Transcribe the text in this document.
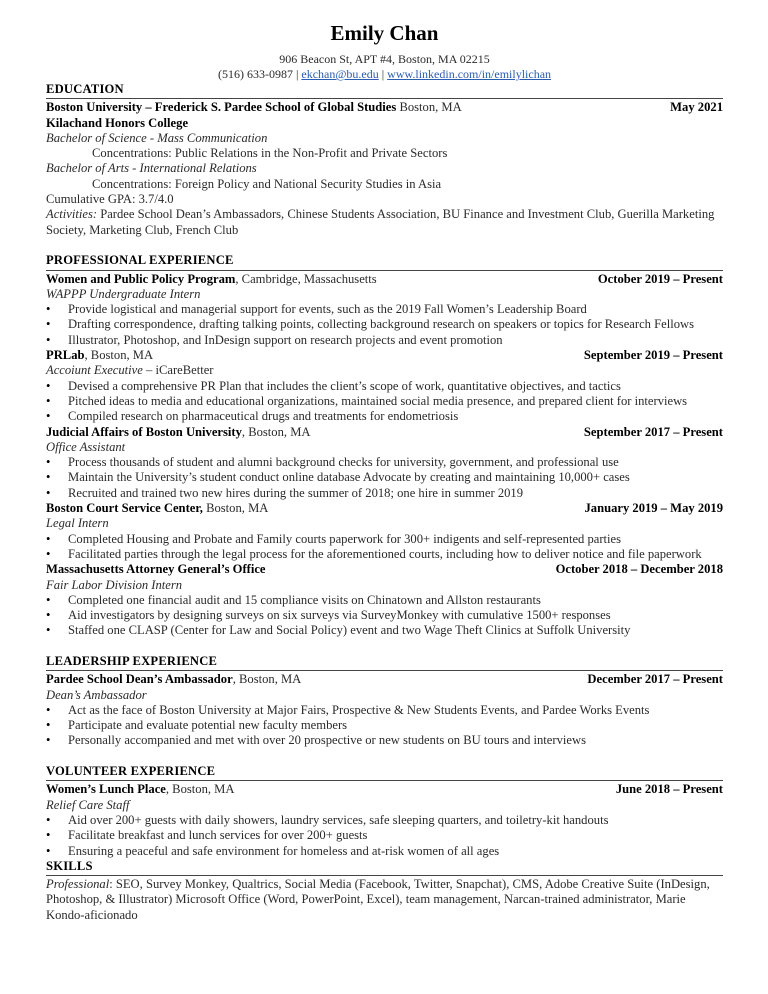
Emily Chan
906 Beacon St, APT #4, Boston, MA 02215
(516) 633-0987 | ekchan@bu.edu | www.linkedin.com/in/emilylichan
EDUCATION
Boston University – Frederick S. Pardee School of Global Studies Boston, MA	May 2021
Kilachand Honors College
Bachelor of Science - Mass Communication
Concentrations: Public Relations in the Non-Profit and Private Sectors
Bachelor of Arts - International Relations
Concentrations: Foreign Policy and National Security Studies in Asia
Cumulative GPA: 3.7/4.0
Activities: Pardee School Dean’s Ambassadors, Chinese Students Association, BU Finance and Investment Club, Guerilla Marketing Society, Marketing Club, French Club
PROFESSIONAL EXPERIENCE
Women and Public Policy Program, Cambridge, Massachusetts	October 2019 – Present
WAPPP Undergraduate Intern
• Provide logistical and managerial support for events, such as the 2019 Fall Women’s Leadership Board
• Drafting correspondence, drafting talking points, collecting background research on speakers or topics for Research Fellows
• Illustrator, Photoshop, and InDesign support on research projects and event promotion
PRLab, Boston, MA	September 2019 – Present
Accoiunt Executive – iCareBetter
• Devised a comprehensive PR Plan that includes the client’s scope of work, quantitative objectives, and tactics
• Pitched ideas to media and educational organizations, maintained social media presence, and prepared client for interviews
• Compiled research on pharmaceutical drugs and treatments for endometriosis
Judicial Affairs of Boston University, Boston, MA	September 2017 – Present
Office Assistant
• Process thousands of student and alumni background checks for university, government, and professional use
• Maintain the University’s student conduct online database Advocate by creating and maintaining 10,000+ cases
• Recruited and trained two new hires during the summer of 2018; one hire in summer 2019
Boston Court Service Center, Boston, MA	January 2019 – May 2019
Legal Intern
• Completed Housing and Probate and Family courts paperwork for 300+ indigents and self-represented parties
• Facilitated parties through the legal process for the aforementioned courts, including how to deliver notice and file paperwork
Massachusetts Attorney General’s Office	October 2018 – December 2018
Fair Labor Division Intern
• Completed one financial audit and 15 compliance visits on Chinatown and Allston restaurants
• Aid investigators by designing surveys on six surveys via SurveyMonkey with cumulative 1500+ responses
• Staffed one CLASP (Center for Law and Social Policy) event and two Wage Theft Clinics at Suffolk University
LEADERSHIP EXPERIENCE
Pardee School Dean’s Ambassador, Boston, MA	December 2017 – Present
Dean’s Ambassador
• Act as the face of Boston University at Major Fairs, Prospective & New Students Events, and Pardee Works Events
• Participate and evaluate potential new faculty members
• Personally accompanied and met with over 20 prospective or new students on BU tours and interviews
VOLUNTEER EXPERIENCE
Women’s Lunch Place, Boston, MA	June 2018 – Present
Relief Care Staff
• Aid over 200+ guests with daily showers, laundry services, safe sleeping quarters, and toiletry-kit handouts
• Facilitate breakfast and lunch services for over 200+ guests
• Ensuring a peaceful and safe environment for homeless and at-risk women of all ages
SKILLS
Professional: SEO, Survey Monkey, Qualtrics, Social Media (Facebook, Twitter, Snapchat), CMS, Adobe Creative Suite (InDesign, Photoshop, & Illustrator) Microsoft Office (Word, PowerPoint, Excel), team management, Narcan-trained administrator, Marie Kondo-aficionado
